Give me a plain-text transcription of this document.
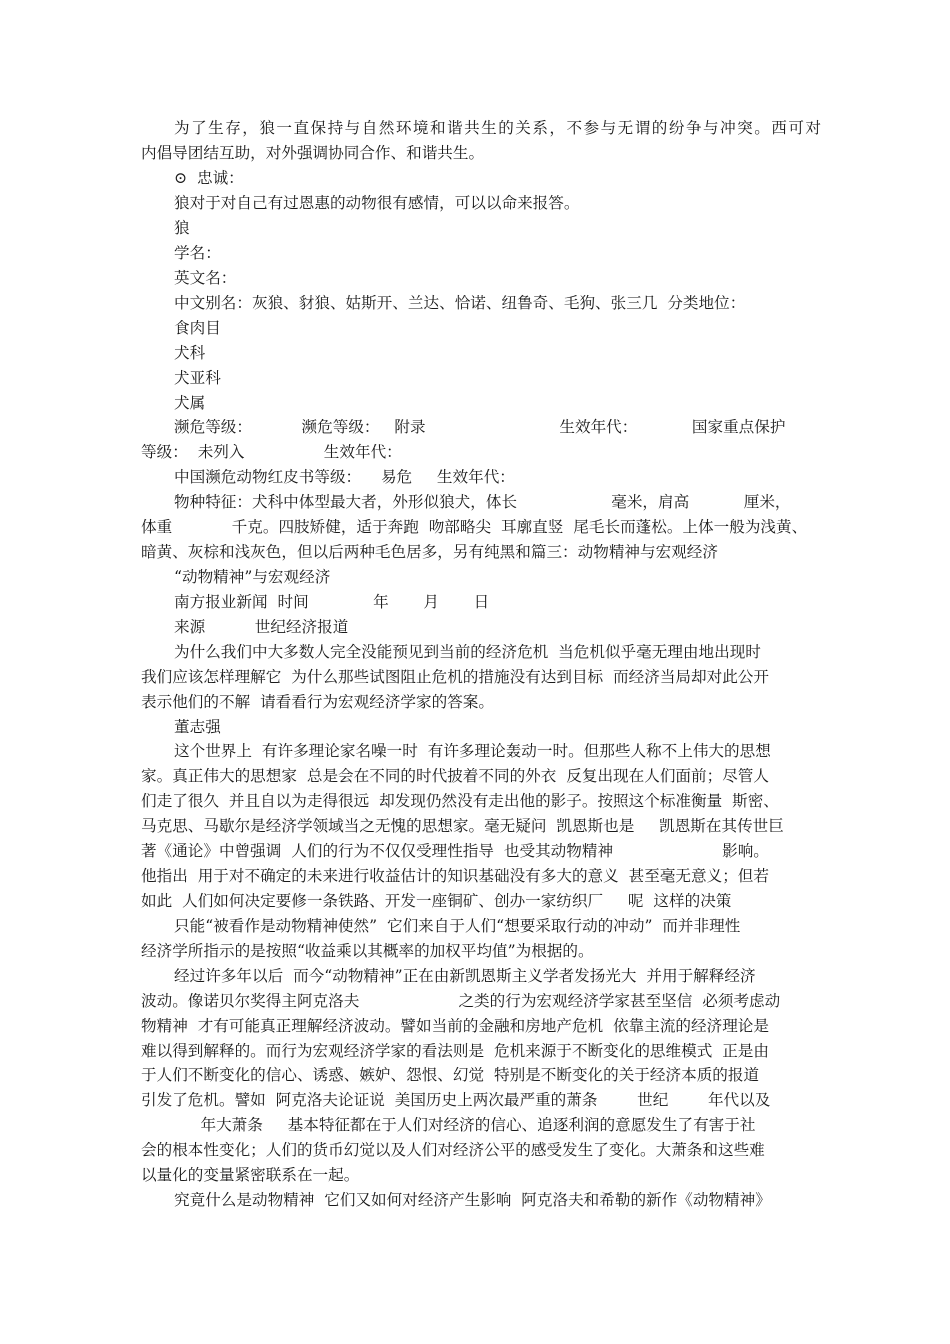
为了生存，狼一直保持与自然环境和谐共生的关系，不参与无谓的纷争与冲突。西可对
内倡导团结互助，对外强调协同合作、和谐共生。
⊙  忠诚：
狼对于对自己有过恩惠的动物很有感情，可以以命来报答。
狼
学名：
英文名：
中文别名：灰狼、豺狼、姑斯开、兰达、恰诺、纽鲁奇、毛狗、张三几  分类地位：
食肉目
犬科
犬亚科
犬属
濒危等级：          濒危等级：   附录                           生效年代：           国家重点保护
等级：  未列入                生效年代：
中国濒危动物红皮书等级：    易危     生效年代：
物种特征：犬科中体型最大者，外形似狼犬，体长                   毫米，肩高           厘米，
体重            千克。四肢矫健，适于奔跑  吻部略尖  耳廓直竖  尾毛长而蓬松。上体一般为浅黄、
暗黄、灰棕和浅灰色，但以后两种毛色居多，另有纯黑和篇三：动物精神与宏观经济
“动物精神”与宏观经济
南方报业新闻  时间             年       月       日
来源          世纪经济报道
为什么我们中大多数人完全没能预见到当前的经济危机  当危机似乎毫无理由地出现时
我们应该怎样理解它  为什么那些试图阻止危机的措施没有达到目标  而经济当局却对此公开
表示他们的不解  请看看行为宏观经济学家的答案。
董志强
这个世界上  有许多理论家名噪一时  有许多理论轰动一时。但那些人称不上伟大的思想
家。真正伟大的思想家  总是会在不同的时代披着不同的外衣  反复出现在人们面前；尽管人
们走了很久  并且自以为走得很远  却发现仍然没有走出他的影子。按照这个标准衡量  斯密、
马克思、马歇尔是经济学领域当之无愧的思想家。毫无疑问  凯恩斯也是     凯恩斯在其传世巨
著《通论》中曾强调  人们的行为不仅仅受理性指导  也受其动物精神                      影响。
他指出  用于对不确定的未来进行收益估计的知识基础没有多大的意义  甚至毫无意义；但若
如此  人们如何决定要修一条铁路、开发一座铜矿、创办一家纺织厂     呢  这样的决策
只能“被看作是动物精神使然”  它们来自于人们“想要采取行动的冲动”  而并非理性
经济学所指示的是按照“收益乘以其概率的加权平均值”为根据的。
经过许多年以后  而今“动物精神”正在由新凯恩斯主义学者发扬光大  并用于解释经济
波动。像诺贝尔奖得主阿克洛夫                    之类的行为宏观经济学家甚至坚信  必须考虑动
物精神  才有可能真正理解经济波动。譬如当前的金融和房地产危机  依靠主流的经济理论是
难以得到解释的。而行为宏观经济学家的看法则是  危机来源于不断变化的思维模式  正是由
于人们不断变化的信心、诱惑、嫉妒、怨恨、幻觉  特别是不断变化的关于经济本质的报道
引发了危机。譬如  阿克洛夫论证说  美国历史上两次最严重的萧条        世纪        年代以及
年大萧条     基本特征都在于人们对经济的信心、追逐利润的意愿发生了有害于社
会的根本性变化；人们的货币幻觉以及人们对经济公平的感受发生了变化。大萧条和这些难
以量化的变量紧密联系在一起。
究竟什么是动物精神  它们又如何对经济产生影响  阿克洛夫和希勒的新作《动物精神》
